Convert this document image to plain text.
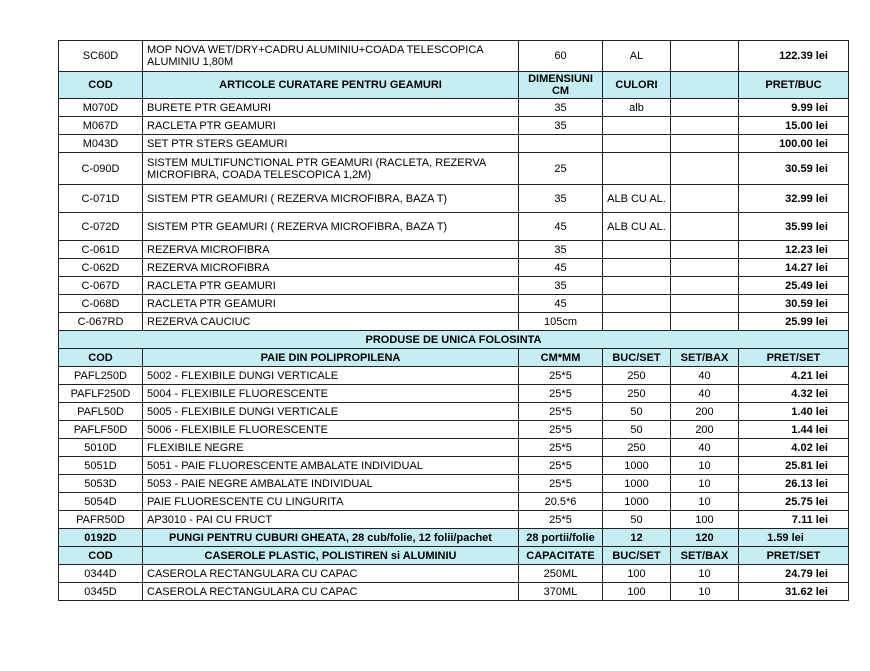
SC60D	MOP NOVA WET/DRY+CADRU ALUMINIU+COADA TELESCOPICA ALUMINIU 1,80M	60	AL		122.39 lei
COD	ARTICOLE CURATARE PENTRU GEAMURI	DIMENSIUNI CM	CULORI		PRET/BUC
M070D	BURETE PTR GEAMURI	35	alb		9.99 lei
M067D	RACLETA PTR GEAMURI	35			15.00 lei
M043D	SET PTR STERS GEAMURI				100.00 lei
C-090D	SISTEM MULTIFUNCTIONAL PTR GEAMURI (RACLETA, REZERVA MICROFIBRA, COADA TELESCOPICA 1,2M)	25			30.59 lei
C-071D	SISTEM PTR GEAMURI ( REZERVA MICROFIBRA, BAZA T)	35	ALB CU AL.		32.99 lei
C-072D	SISTEM PTR GEAMURI ( REZERVA MICROFIBRA, BAZA T)	45	ALB CU AL.		35.99 lei
C-061D	REZERVA MICROFIBRA	35			12.23 lei
C-062D	REZERVA MICROFIBRA	45			14.27 lei
C-067D	RACLETA PTR GEAMURI	35			25.49 lei
C-068D	RACLETA PTR GEAMURI	45			30.59 lei
C-067RD	REZERVA CAUCIUC	105cm			25.99 lei
PRODUSE DE UNICA FOLOSINTA					
COD	PAIE DIN POLIPROPILENA	CM*MM	BUC/SET	SET/BAX	PRET/SET
PAFL250D	5002 - FLEXIBILE DUNGI VERTICALE	25*5	250	40	4.21 lei
PAFLF250D	5004 - FLEXIBILE FLUORESCENTE	25*5	250	40	4.32 lei
PAFL50D	5005 - FLEXIBILE DUNGI VERTICALE	25*5	50	200	1.40 lei
PAFLF50D	5006 - FLEXIBILE FLUORESCENTE	25*5	50	200	1.44 lei
5010D	FLEXIBILE NEGRE	25*5	250	40	4.02 lei
5051D	5051 - PAIE FLUORESCENTE AMBALATE INDIVIDUAL	25*5	1000	10	25.81 lei
5053D	5053 - PAIE NEGRE AMBALATE INDIVIDUAL	25*5	1000	10	26.13 lei
5054D	PAIE FLUORESCENTE CU LINGURITA	20.5*6	1000	10	25.75 lei
PAFR50D	AP3010 - PAI CU FRUCT	25*5	50	100	7.11 lei
0192D	PUNGI PENTRU CUBURI GHEATA, 28 cub/folie, 12 folii/pachet	28 portii/folie	12	120	1.59 lei
COD	CASEROLE PLASTIC, POLISTIREN si ALUMINIU	CAPACITATE	BUC/SET	SET/BAX	PRET/SET
0344D	CASEROLA RECTANGULARA CU CAPAC	250ML	100	10	24.79 lei
0345D	CASEROLA RECTANGULARA CU CAPAC	370ML	100	10	31.62 lei
